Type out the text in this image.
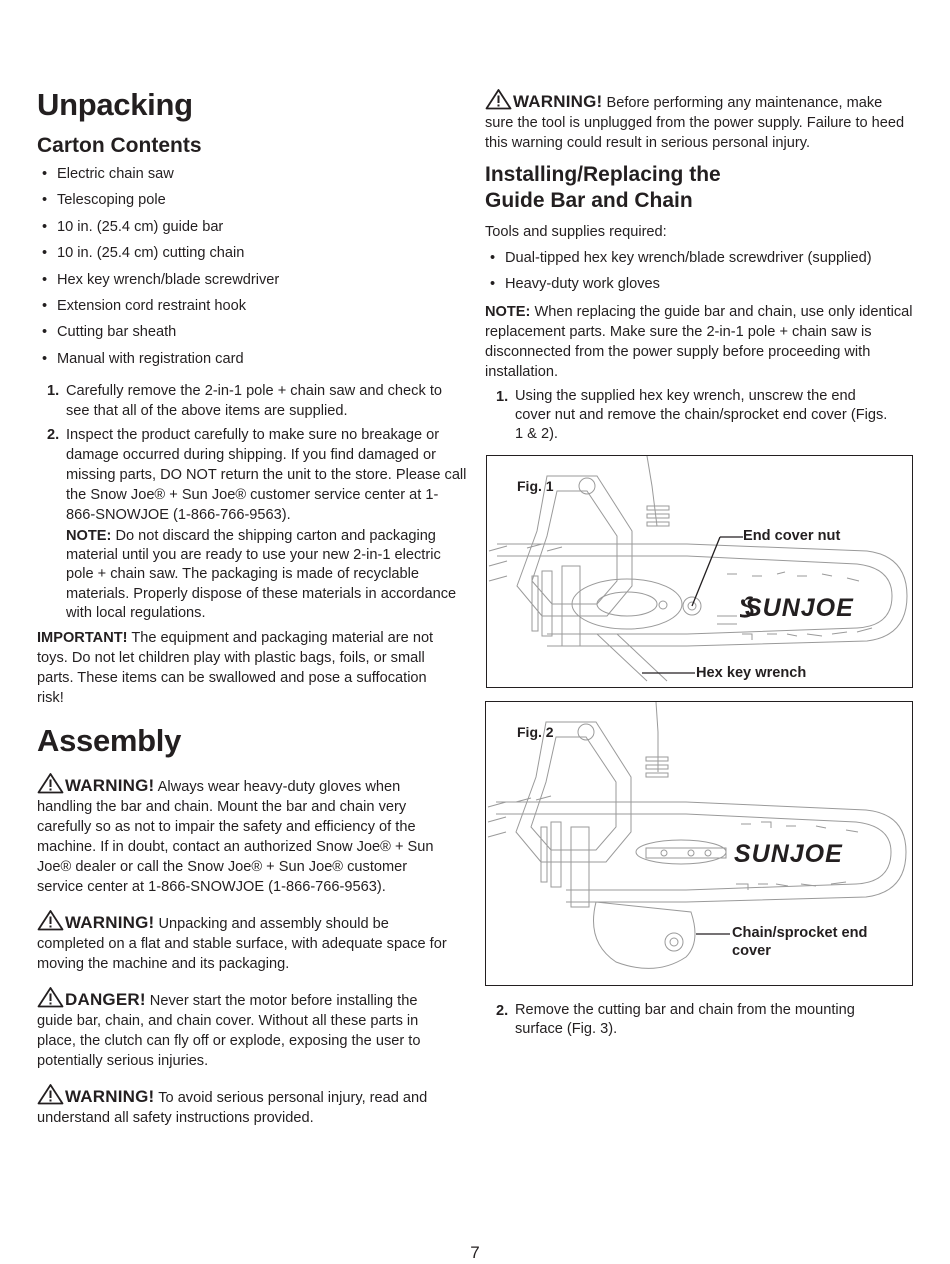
Unpacking
Carton Contents
• Electric chain saw
• Telescoping pole
• 10 in. (25.4 cm) guide bar
• 10 in. (25.4 cm) cutting chain
• Hex key wrench/blade screwdriver
• Extension cord restraint hook
• Cutting bar sheath
• Manual with registration card
1. Carefully remove the 2-in-1 pole + chain saw and check to see that all of the above items are supplied.

2. Inspect the product carefully to make sure no breakage or damage occurred during shipping. If you find damaged or missing parts, DO NOT return the unit to the store. Please call the Snow Joe® + Sun Joe® customer service center at 1-866-SNOWJOE (1-866-766-9563).

NOTE: Do not discard the shipping carton and packaging material until you are ready to use your new 2-in-1 electric pole + chain saw. The packaging is made of recyclable materials. Properly dispose of these materials in accordance with local regulations.

IMPORTANT! The equipment and packaging material are not toys. Do not let children play with plastic bags, foils, or small parts. These items can be swallowed and pose a suffocation risk!

Assembly

WARNING! Always wear heavy-duty gloves when handling the bar and chain. Mount the bar and chain very carefully so as not to impair the safety and efficiency of the machine. If in doubt, contact an authorized Snow Joe® + Sun Joe® dealer or call the Snow Joe® + Sun Joe® customer service center at 1-866-SNOWJOE (1-866-766-9563).

WARNING! Unpacking and assembly should be completed on a flat and stable surface, with adequate space for moving the machine and its packaging.

DANGER! Never start the motor before installing the guide bar, chain, and chain cover. Without all these parts in place, the clutch can fly off or explode, exposing the user to potentially serious injuries.

WARNING! To avoid serious personal injury, read and understand all safety instructions provided.

WARNING! Before performing any maintenance, make sure the tool is unplugged from the power supply. Failure to heed this warning could result in serious personal injury.

Installing/Replacing the
Guide Bar and Chain

Tools and supplies required:

• Dual-tipped hex key wrench/blade screwdriver (supplied)
• Heavy-duty work gloves

NOTE: When replacing the guide bar and chain, use only identical replacement parts. Make sure the 2-in-1 pole + chain saw is disconnected from the power supply before proceeding with installation.

1. Using the supplied hex key wrench, unscrew the end cover nut and remove the chain/sprocket end cover (Figs. 1 & 2).

SUNJOE
Fig. 1
End cover nut
Hex key wrench
SUNJOE
Fig. 2
Chain/sprocket end
cover
2. Remove the cutting bar and chain from the mounting surface (Fig. 3).

7
